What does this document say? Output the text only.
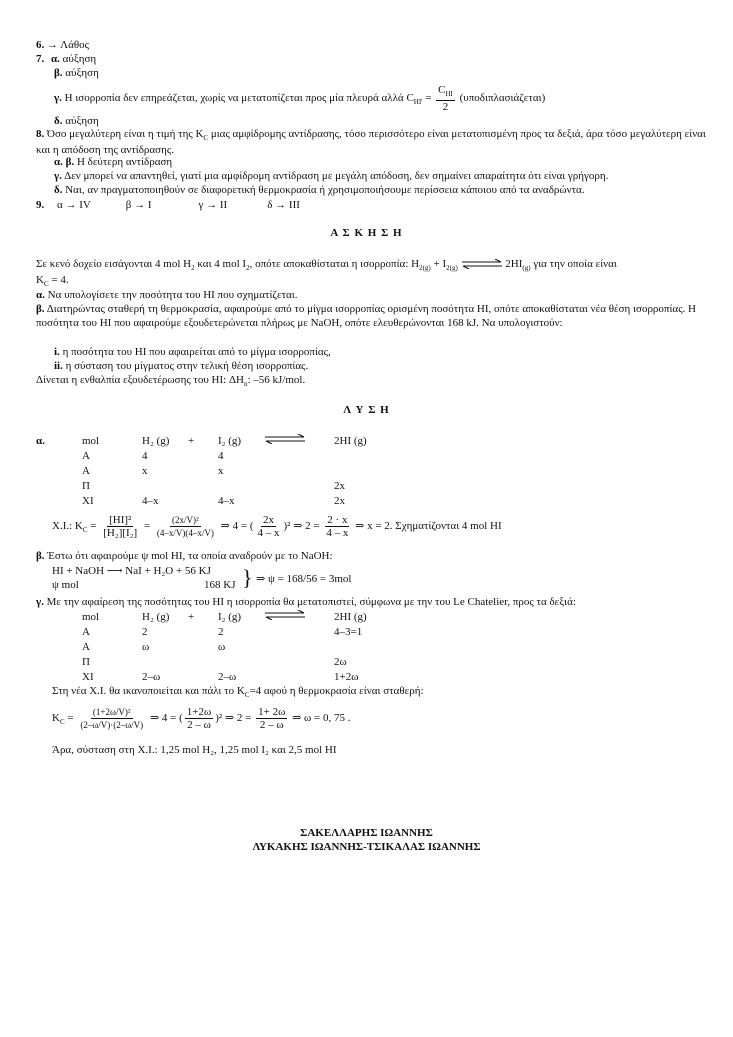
6. → Λάθος
7. α. αύξηση
β. αύξηση
γ. Η ισορροπία δεν επηρεάζεται, χωρίς να μετατοπίζεται προς μία πλευρά αλλά $C_{HI'} = \frac{C_{HI}}{2} (\upsilon\pi o\delta\iota\pi\lambda\alpha\sigma\iota ά\zeta\varepsilon\tau\alpha\iota)$
δ. αύξηση
8. Όσο μεγαλύτερη είναι η τιμή της $K_C$ μιας αμφίδρομης αντίδρασης, τόσο περισσότερο είναι μετατοπισμένη προς τα δεξιά, άρα τόσο μεγαλύτερη είναι και η απόδοση της αντίδρασης.
α. β. Η δεύτερη αντίδραση
γ. Δεν μπορεί να απαντηθεί, γιατί μια αμφίδρομη αντίδραση με μεγάλη απόδοση, δεν σημαίνει απαραίτητα ότι είναι γρήγορη.
δ. Ναι, αν πραγματοποιηθούν σε διαφορετική θερμοκρασία ή χρησιμοποιήσουμε περίσσεια κάποιου από τα αναδρώντα.
9. α → IV	β → I	γ → II	δ → III
Α Σ Κ Η Σ Η
Σε κενό δοχείο εισάγονται 4 mol $H_2$ και 4 mol $I_2$, οπότε αποκαθίσταται η ισορροπία: $H_{2(g)} + I_{2(g)}$ ⇌ $2HI_{(g)}$ για την οποία είναι
$K_C = 4$.
α. Να υπολογίσετε την ποσότητα του HI που σχηματίζεται.
β. Διατηρώντας σταθερή τη θερμοκρασία, αφαιρούμε από το μίγμα ισορροπίας ορισμένη ποσότητα HI, οπότε αποκαθίσταται νέα θέση ισορροπίας. Η ποσότητα του HI που αφαιρούμε εξουδετερώνεται πλήρως με NaOH, οπότε ελευθερώνονται 168 kJ. Να υπολογιστούν:
i. η ποσότητα του HI που αφαιρείται από το μίγμα ισορροπίας,
ii. η σύσταση του μίγματος στην τελική θέση ισορροπίας.
Δίνεται η ενθαλπία εξουδετέρωσης του HI: $\Delta H_n$: –56 kJ/mol.
Λ Υ Σ Η
α.	mol	H₂ (g)	+	I₂ (g)		2HI (g)
A	4		4		
A	x		x		
Π					2x
XI	4–x		4–x		2x
X.I.: $K_C = \frac{\text{[HI]²}}{\text{[H₂][I₂]}} = \frac{\text{(2x/V)²}}{(4-x/V)(4-x/V)}$ ⇒ 4 = ( $\frac{2x}{4 - x} )^2$ ⇒ $2 = \frac{2 \cdot x}{4 - x}$ ⇒ x = 2. Σχηματίζονται 4 mol HI
β. Έστω ότι αφαιρούμε ψ mol HI, τα οποία αναδρούν με το NaOH:
HI + NaOH ⟶ NaI + H₂O + 56 KJ
ψ mol	168 KJ } ⇒ ψ = 168/56 = 3mol
γ. Με την αφαίρεση της ποσότητας του HI η ισορροπία θα μετατοπιστεί, σύμφωνα με την του Le Chatelier, προς τα δεξιά:
mol	H₂ (g)	+	I₂ (g)		2HI (g)
A	2		2		4–3=1
A	ω		ω		
Π					2ω
XI	2–ω		2–ω		1+2ω
Στη νέα Χ.Ι. θα ικανοποιείται και πάλι το $K_C=4$ αφού η θερμοκρασία είναι σταθερή:
$K_C = \frac{\text{(1+2ω/V)²}}{(2-\omega/V)\cdot(2-\omega/V)}$ ⇒ 4 = ( $\frac{1+2\omega}{2 - \omega} )^2$ ⇒ $2 = \frac{1+ 2\omega}{2 - \omega}$ ⇒ ω = 0, 75 .
Άρα, σύσταση στη Χ.Ι.: 1,25 mol H₂, 1,25 mol I₂ και 2,5 mol HI
ΣΑΚΕΛΛΑΡΗΣ ΙΩΑΝΝΗΣ
ΛΥΚΑΚΗΣ ΙΩΑΝΝΗΣ-ΤΣΙΚΑΛΑΣ ΙΩΑΝΝΗΣ
